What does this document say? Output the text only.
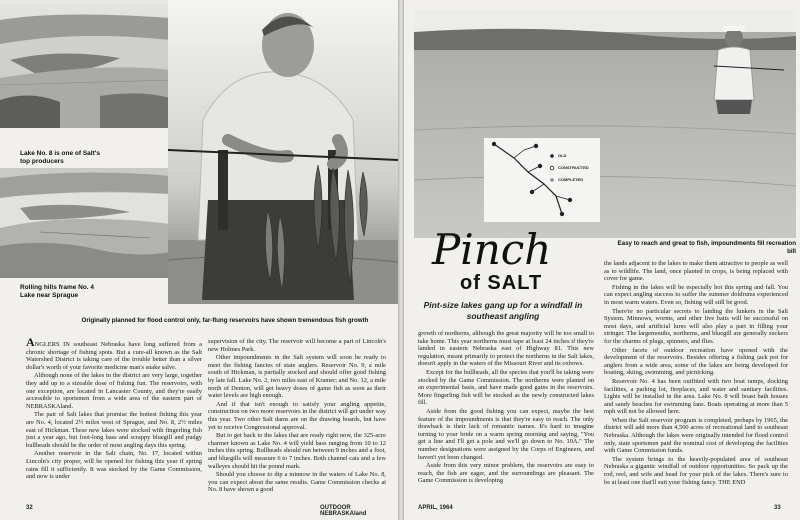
Lake No. 8 is one of Salt's top producers
Rolling hills frame No. 4 Lake near Sprague
Originally planned for flood control only, far-flung reservoirs have shown tremendous fish growth

ANGLERS IN southeast Nebraska have long suffered from a chronic shortage of fishing spots. But a cure-all known as the Salt Watershed District is taking care of the trouble better than a silver dollar's worth of your favorite medicine man's snake salve.

Although none of the lakes in the district are very large, together they add up to a sizeable dose of fishing fun. The reservoirs, with one exception, are located in Lancaster County, and they're easily accessible to sportsmen from a wide area of the eastern part of NEBRASKAland.

The pair of Salt lakes that promise the hottest fishing this year are No. 4, located 2½ miles west of Sprague, and No. 8, 2½ miles east of Hickman. These new lakes were stocked with fingerling fish just a year ago, but foot-long bass and scrappy bluegill and pudgy bullheads should be the order of most angling days this spring.

Another reservoir in the Salt chain, No. 17, located within Lincoln's city proper, will be opened for fishing this year if spring rains fill it sufficiently. It was stocked by the Game Commission, and now is under

supervision of the city. The reservoir will become a part of Lincoln's new Holmes Park.

Other impoundments in the Salt system will soon be ready to meet the fishing fancies of state anglers. Reservoir No. 9, a mile south of Hickman, is partially stocked and should offer good fishing by late fall. Lake No. 2, two miles east of Kramer; and No. 12, a mile north of Denton, will get heavy doses of game fish as soon as their water levels are high enough.

And if that isn't enough to satisfy your angling appetite, construction on two more reservoirs in the district will get under way this year. Two other Salt dams are on the drawing boards, but have yet to receive Congressional approval.

But to get back to the lakes that are ready right now, the 325-acre charmer known as Lake No. 4 will yield bass ranging from 10 to 12 inches this spring. Bullheads should run between 9 inches and a foot, and bluegills will measure 6 to 7 inches. Both channel cats and a few walleyes should hit the pound mark.

Should you choose to dip a minnow in the waters of Lake No. 8, you can expect about the same results. Game Commission checks at No. 8 have shown a good

32	OUTDOOR NEBRASKAland
OLD
CONSTRUCTED
COMPLETED
Easy to reach and great to fish, impoundments fill recreation bill
Pinch
of SALT
Pint-size lakes gang up for a windfall in southeast angling

growth of northerns, although the great majority will be too small to take home. This year northerns must tape at least 24 inches if they're landed in eastern Nebraska east of Highway 81. This new regulation, meant primarily to protect the northerns in the Salt lakes, doesn't apply in the waters of the Missouri River and its oxbows.

Except for the bullheads, all the species that you'll be taking were stocked by the Game Commission. The northerns were planted on an experimental basis, and have made good gains in the reservoirs. More fingerling fish will be stocked as the newly constructed lakes fill.

Aside from the good fishing you can expect, maybe the best feature of the impoundments is that they're easy to reach. The only drawback is their lack of romantic names. It's hard to imagine turning to your bride on a warm spring morning and saying, "You get a line and I'll get a pole and we'll go down to No. 10A." The number designations were assigned by the Corps of Engineers, and haven't yet been changed.

Aside from this very minor problem, the reservoirs are easy to reach, the fish are eager, and the surroundings are pleasant. The Game Commission is developing

the lands adjacent to the lakes to make them attractive to people as well as to wildlife. The land, once planted in crops, is being replaced with cover for game.

Fishing in the lakes will be especially hot this spring and fall. You can expect angling success to suffer the summer doldrums experienced in most warm waters. Even so, fishing will still be good.

There're no particular secrets to landing the lunkers in the Salt System. Minnows, worms, and other live baits will be successful on most days, and artificial lures will also play a part in filling your stringer. The largemouths, northerns, and bluegill are generally suckers for the charms of plugs, spinners, and flies.

Other facets of outdoor recreation have opened with the development of the reservoirs. Besides offering a fishing jack pot for anglers from a wide area, some of the lakes are being developed for boating, skiing, swimming, and picnicking.

Reservoir No. 4 has been outfitted with two boat ramps, docking facilities, a parking lot, fireplaces, and water and sanitary facilities. Lights will be installed in the area. Lake No. 8 will boast bath houses and sandy beaches for swimming fans. Boats operating at more than 5 mph will not be allowed here.

When the Salt reservoir program is completed, perhaps by 1965, the district will add more than 4,500 acres of recreational land to southeast Nebraska. Although the lakes were originally intended for flood control only, state sportsmen paid the nominal cost of developing the facilities with Game Commission funds.

The system brings to the heavily-populated area of southeast Nebraska a gigantic windfall of outdoor opportunities. So pack up the rod, reel, and wife and head for your pick of the lakes. There's sure to be at least one that'll suit your fishing fancy. THE END

APRIL, 1964	33
